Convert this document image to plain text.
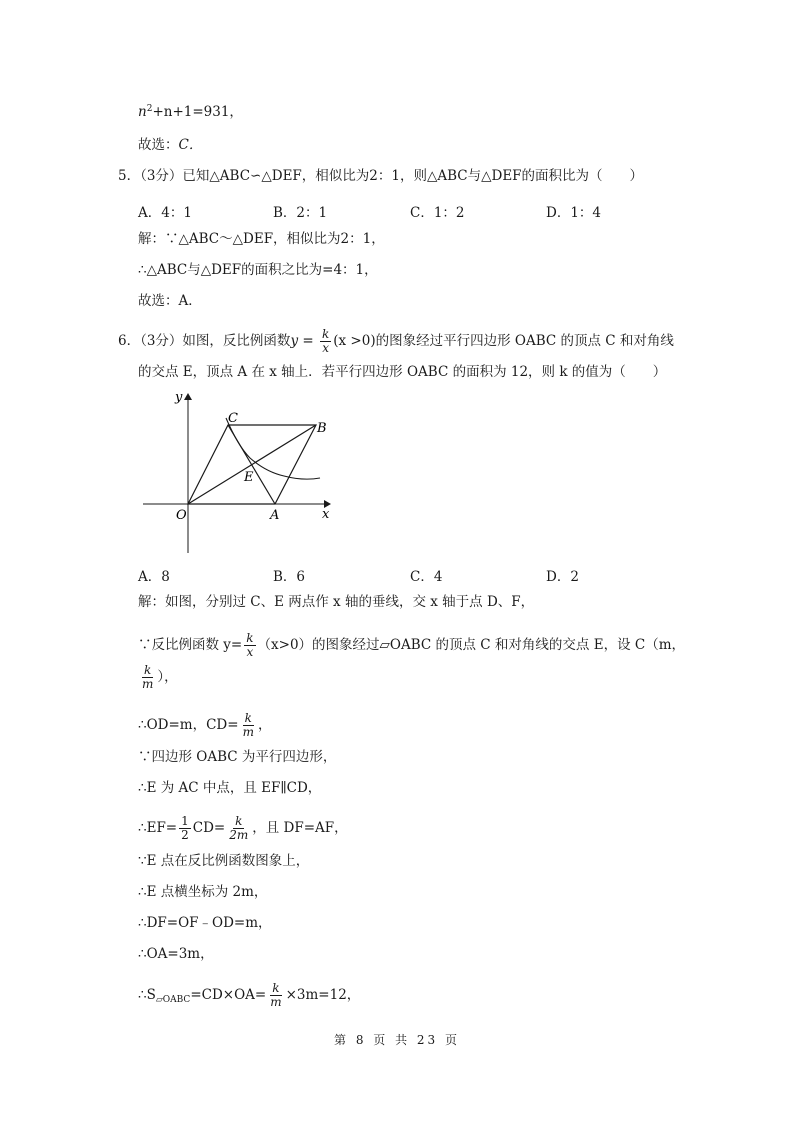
$n^2+n+1=931$，
故选：C．
5．（3分）已知△ABC∽△DEF，相似比为2：1，则△ABC与△DEF的面积比为（　　）
A．4：1	B．2：1	C．1：2	D．1：4
解：∵△ABC～△DEF，相似比为2：1，
∴△ABC与△DEF的面积之比为=4：1，
故选：A．
6．（3分）如图，反比例函数$y = \frac{k}{x} (x >0)$的图象经过平行四边形 OABC 的顶点 C 和对角线
的交点 E，顶点 A 在 x 轴上．若平行四边形 OABC 的面积为 12，则 k 的值为（　　）
y
x
O	A
B
C
E
A．8	B．6	C．4	D．2
解：如图，分别过 C、E 两点作 x 轴的垂线，交 x 轴于点 D、F，
∵反比例函数 $y= \frac{k}{x} (x>0)$的图象经过▱OABC 的顶点 C 和对角线的交点 E，设 C（m，
$\frac{k}{m}$ ），
∴OD=m，$CD= \frac{k}{m}$ ，
∵四边形 OABC 为平行四边形，
∴E 为 AC 中点，且 EF∥CD，
∴EF= $\frac{1}{2} CD= \frac{k}{2m}$ ，且 DF=AF，
∵E 点在反比例函数图象上，
∴E 点横坐标为 2m，
∴DF=OF﹣OD=m，
∴OA=3m，
$\therefore S_{▱OABC}=CD\times OA= \frac{k}{m} \times 3m=12$，
第 8 页 共 23 页
